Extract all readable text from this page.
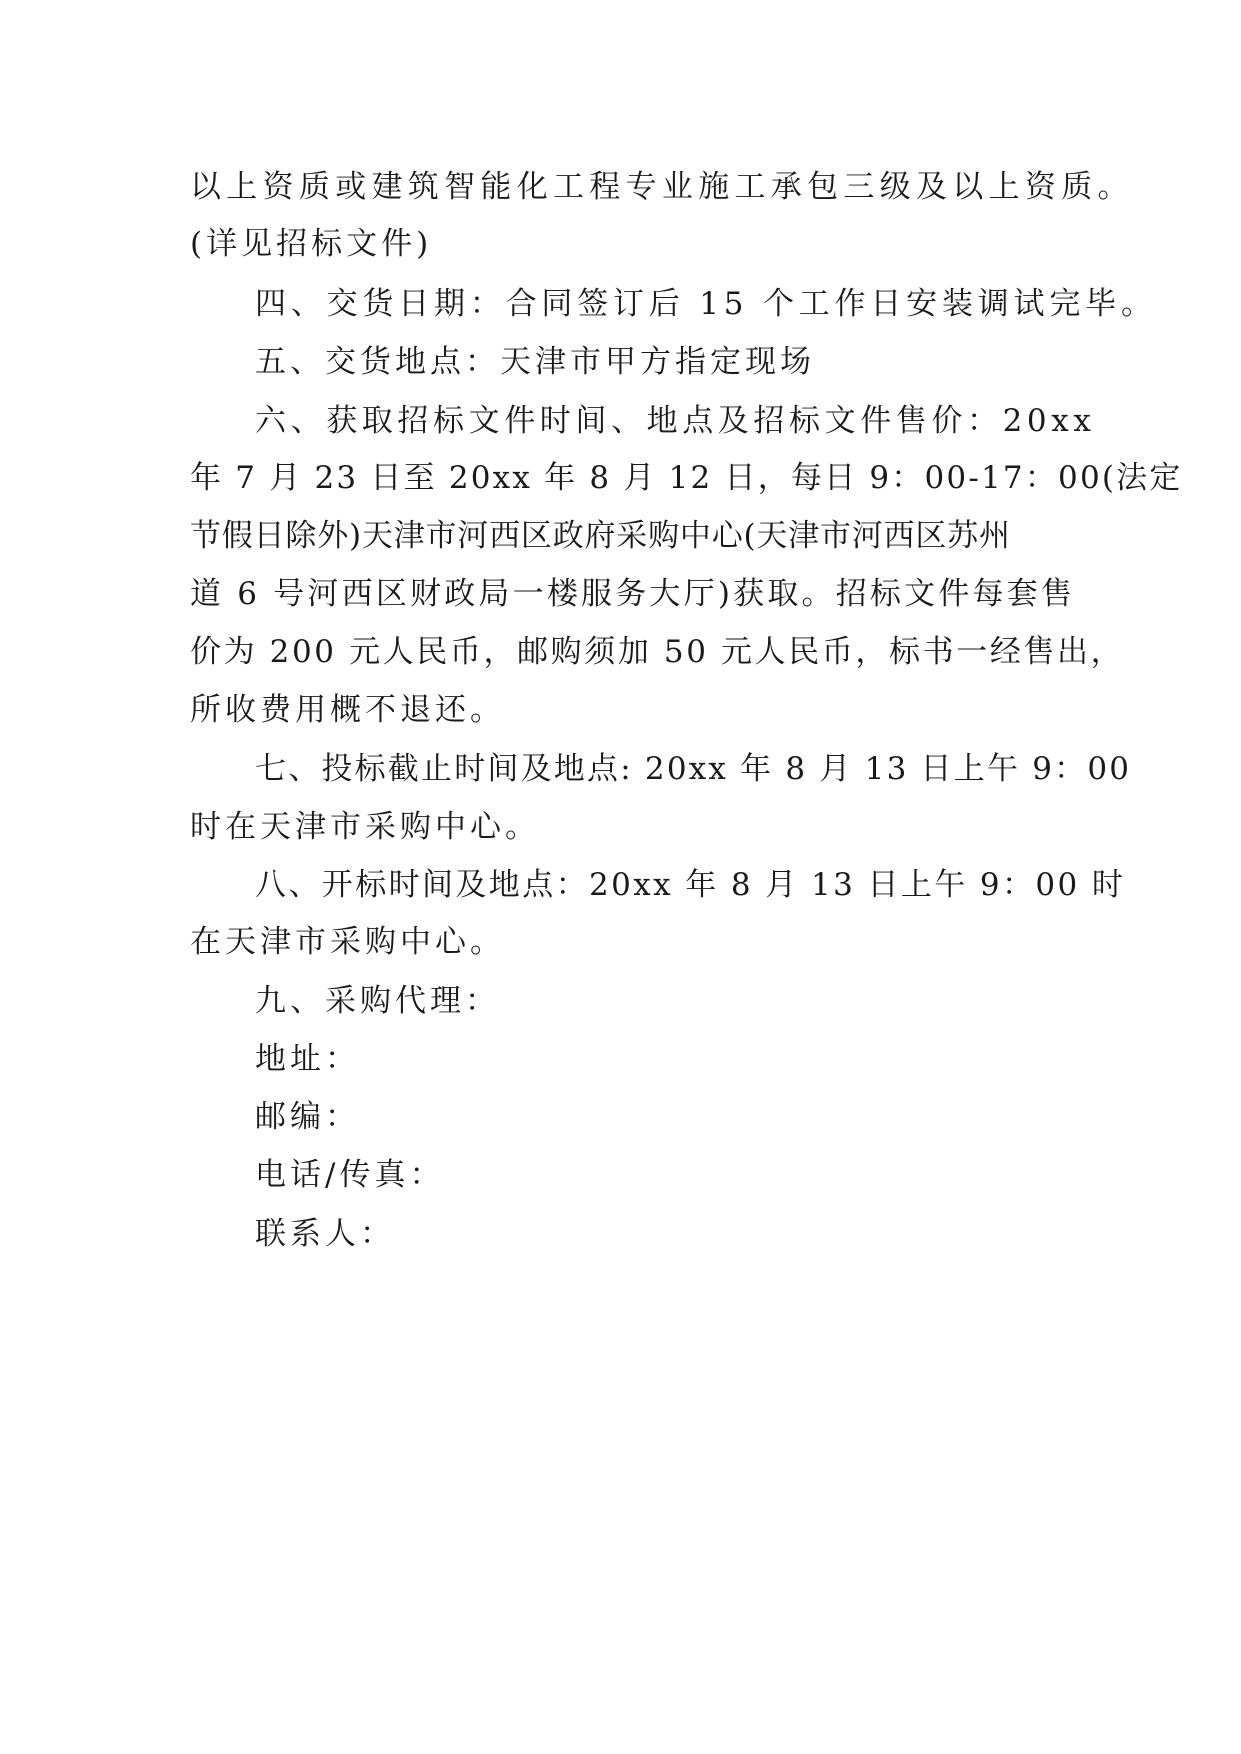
以上资质或建筑智能化工程专业施工承包三级及以上资质。
(详见招标文件)
四、交货日期：合同签订后 15 个工作日安装调试完毕。
五、交货地点：天津市甲方指定现场
六、获取招标文件时间、地点及招标文件售价：20xx
年 7 月 23 日至 20xx 年 8 月 12 日，每日 9：00-17：00(法定
节假日除外)天津市河西区政府采购中心(天津市河西区苏州
道 6 号河西区财政局一楼服务大厅)获取。招标文件每套售
价为 200 元人民币，邮购须加 50 元人民币，标书一经售出，
所收费用概不退还。
七、投标截止时间及地点: 20xx 年 8 月 13 日上午 9：00
时在天津市采购中心。
八、开标时间及地点：20xx 年 8 月 13 日上午 9：00 时
在天津市采购中心。
九、采购代理：
地址：
邮编：
电话/传真：
联系人：
